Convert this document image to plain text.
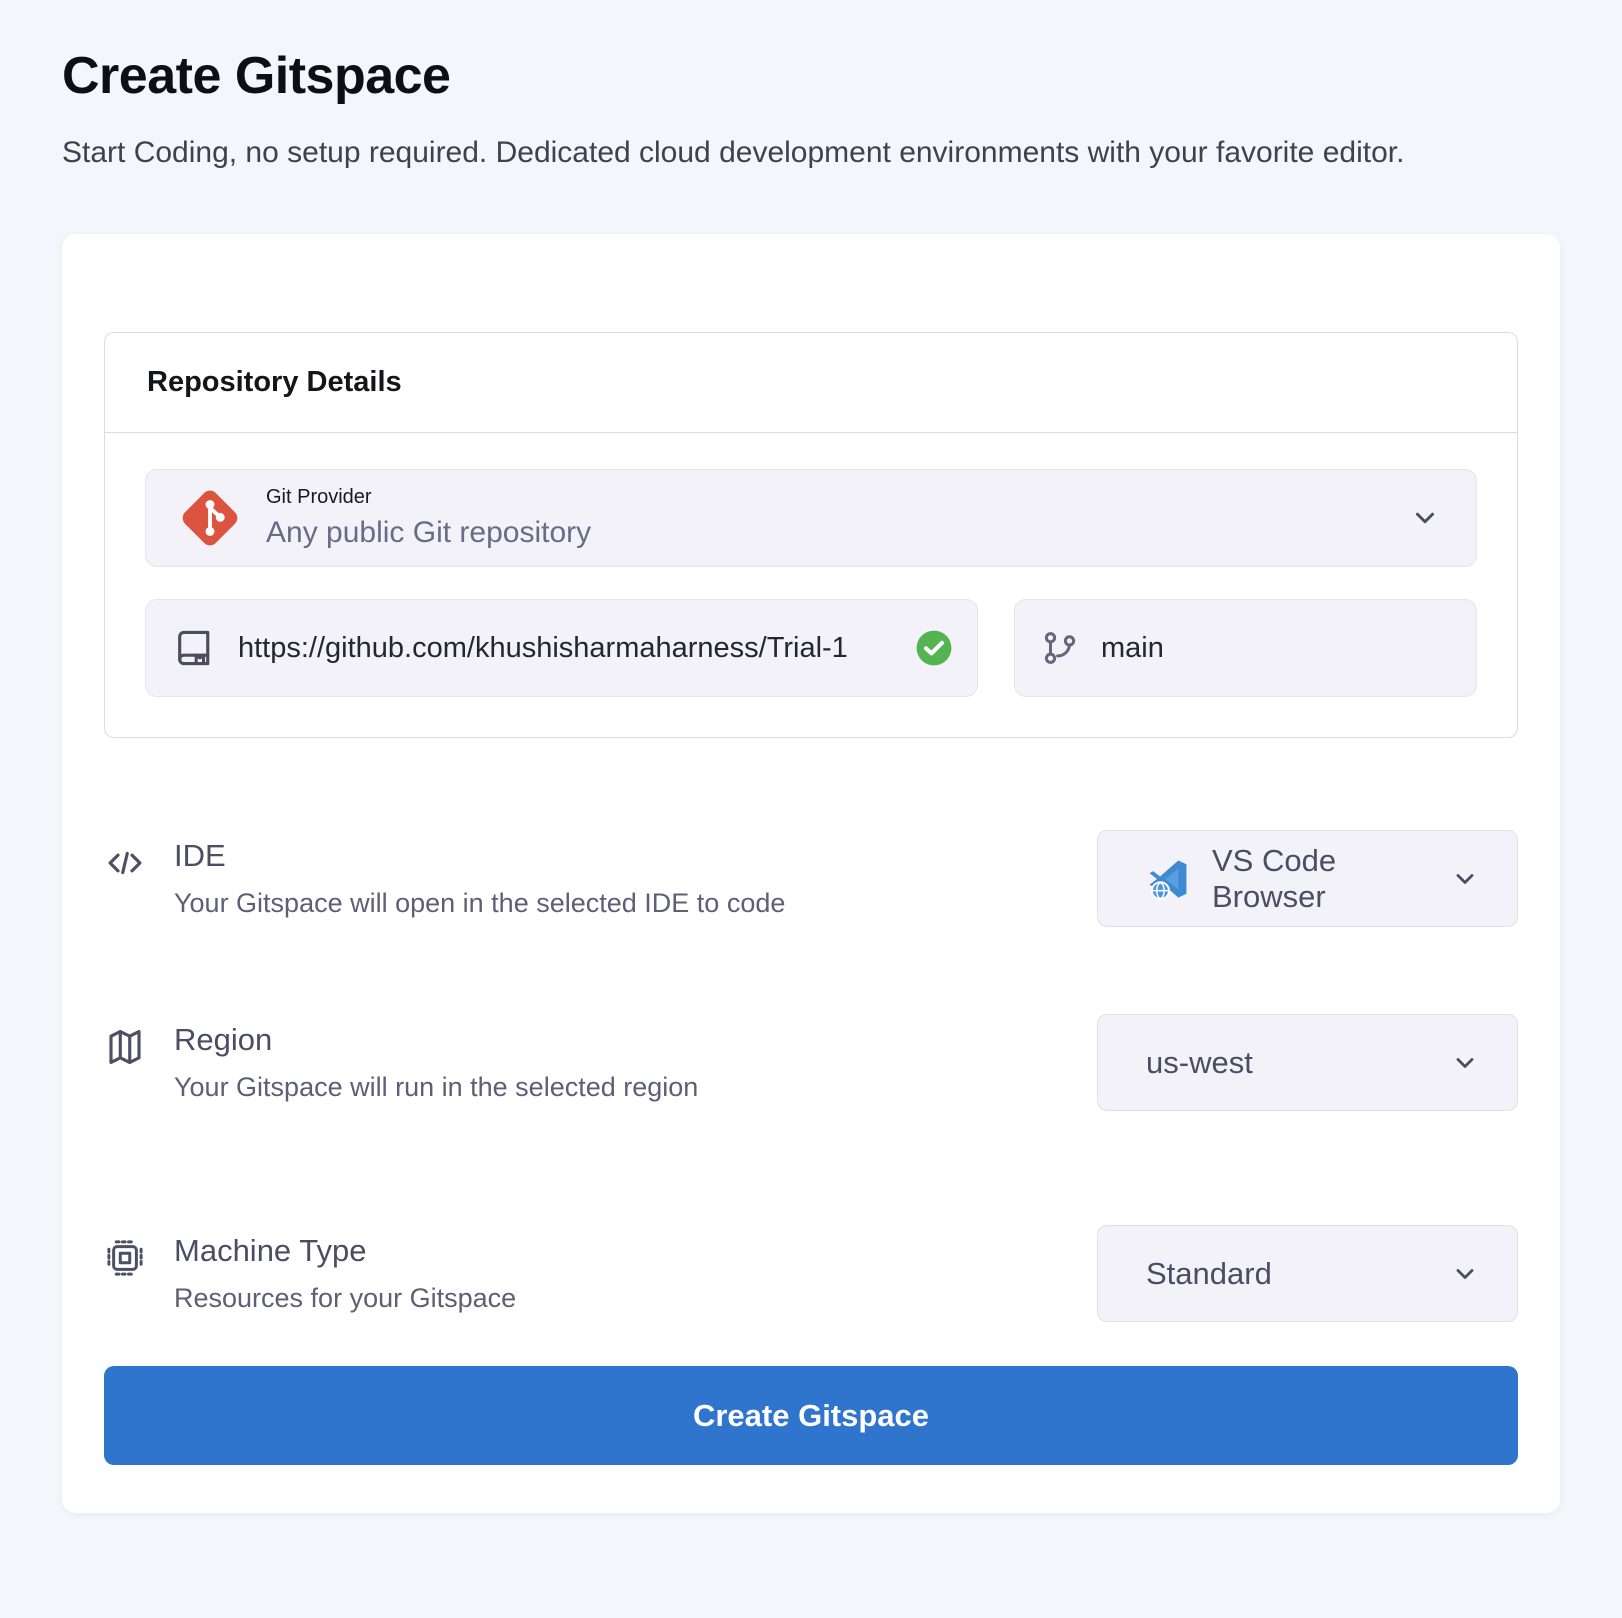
Create Gitspace
Start Coding, no setup required. Dedicated cloud development environments with your favorite editor.
Repository Details
Git Provider
Any public Git repository
https://github.com/khushisharmaharness/Trial-1	main
IDE
Your Gitspace will open in the selected IDE to code
VS Code Browser
Region
Your Gitspace will run in the selected region
us-west
Machine Type
Resources for your Gitspace
Standard
Create Gitspace
